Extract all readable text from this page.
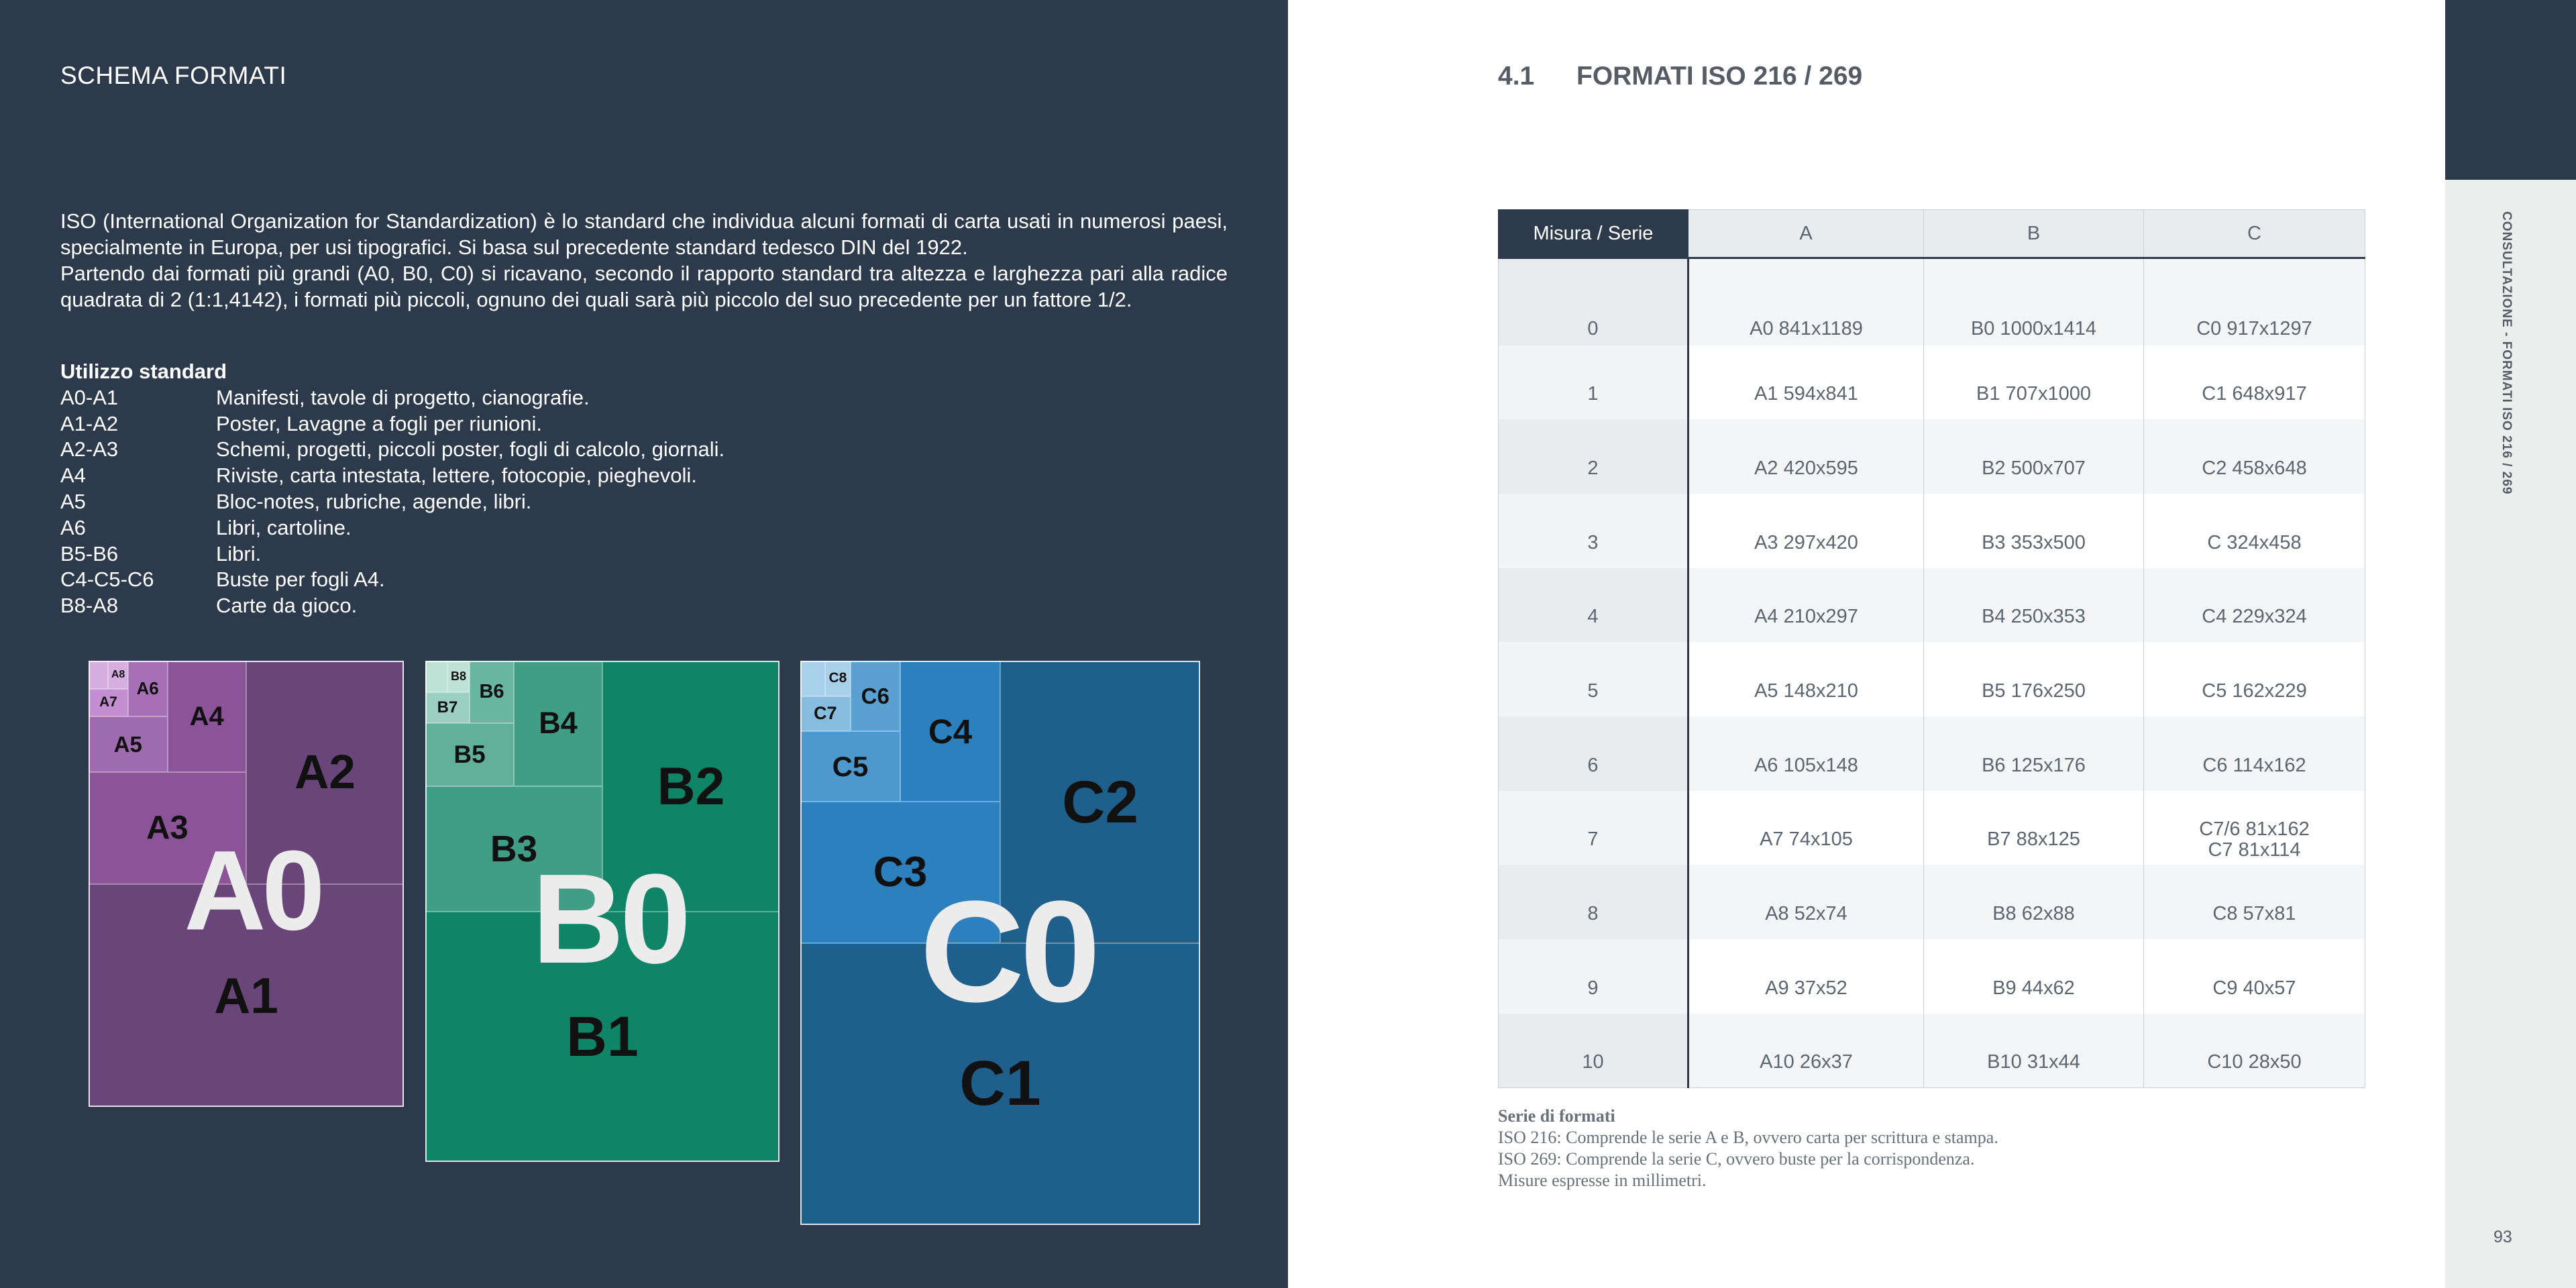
SCHEMA FORMATI

ISO (International Organization for Standardization) è lo standard che individua alcuni formati di carta usati in numerosi paesi, specialmente in Europa, per usi tipografici. Si basa sul precedente standard tedesco DIN del 1922.

Partendo dai formati più grandi (A0, B0, C0) si ricavano, secondo il rapporto standard tra altezza e larghezza pari alla radice quadrata di 2 (1:1,4142), i formati più piccoli, ognuno dei quali sarà più piccolo del suo precedente per un fattore 1/2.

Utilizzo standard
A0-A1	Manifesti, tavole di progetto, cianografie.
A1-A2	Poster, Lavagne a fogli per riunioni.
A2-A3	Schemi, progetti, piccoli poster, fogli di calcolo, giornali.
A4	Riviste, carta intestata, lettere, fotocopie, pieghevoli.
A5	Bloc-notes, rubriche, agende, libri.
A6	Libri, cartoline.
B5-B6	Libri.
C4-C5-C6	Buste per fogli A4.
B8-A8	Carte da gioco.
A1
A2
A3
A4
A5
A6
A7
A8
A0
B1
B2
B3
B4
B5
B6
B7
B8
B0
C1
C2
C3
C4
C5
C6
C7
C8
C0
4.1 FORMATI ISO 216 / 269
Misura / Serie	A	B	C
0	A0 841x1189	B0 1000x1414	C0 917x1297
1	A1 594x841	B1 707x1000	C1 648x917
2	A2 420x595	B2 500x707	C2 458x648
3	A3 297x420	B3 353x500	C 324x458
4	A4 210x297	B4 250x353	C4 229x324
5	A5 148x210	B5 176x250	C5 162x229
6	A6 105x148	B6 125x176	C6 114x162
7	A7 74x105	B7 88x125	C7/6 81x162
C7 81x114
8	A8 52x74	B8 62x88	C8 57x81
9	A9 37x52	B9 44x62	C9 40x57
10	A10 26x37	B10 31x44	C10 28x50
Serie di formati
ISO 216: Comprende le serie A e B, ovvero carta per scrittura e stampa.
ISO 269: Comprende la serie C, ovvero buste per la corrispondenza.
Misure espresse in millimetri.
CONSULTAZIONE - FORMATI ISO 216 / 269
93
